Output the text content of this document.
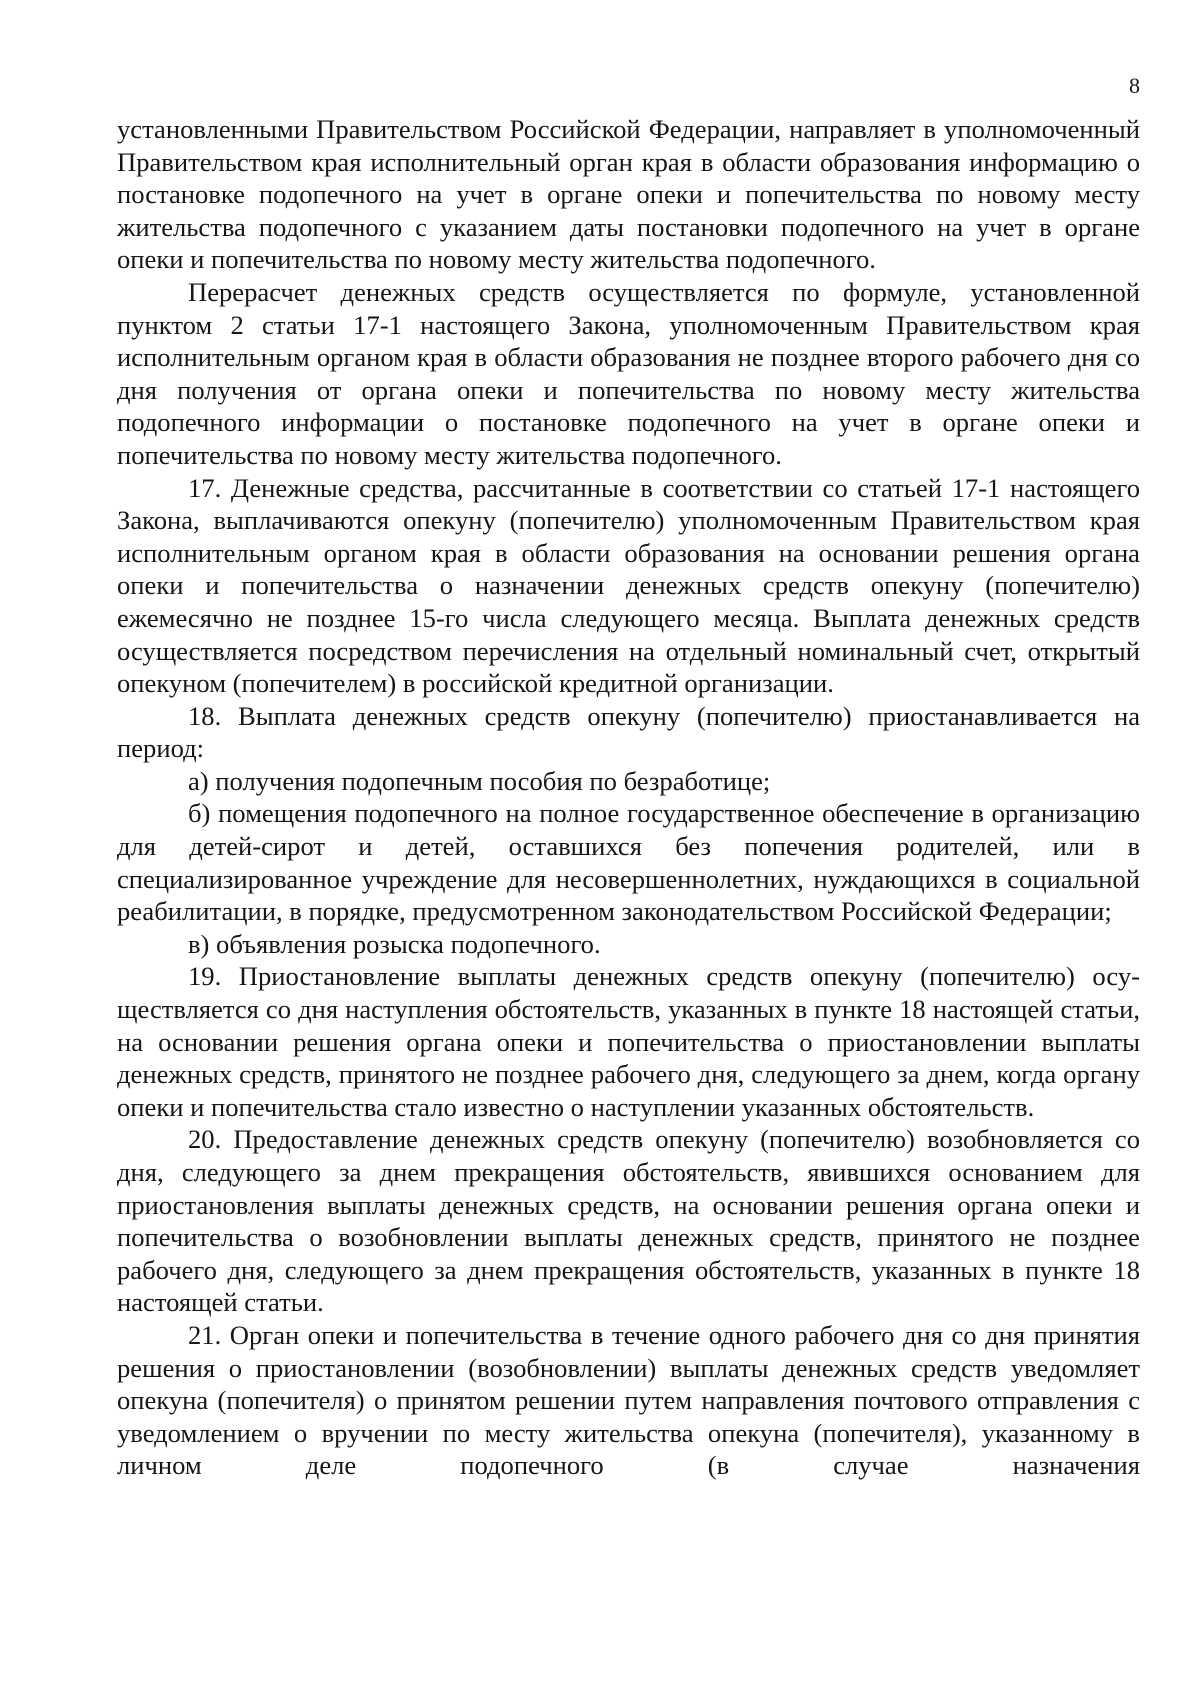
8

установленными Правительством Российской Федерации, направляет в уполномоченный Правительством края исполнительный орган края в области образования информацию о постановке подопечного на учет в органе опеки и попечительства по новому месту жительства подопечного с указанием даты постановки подопечного на учет в органе опеки и попечительства по новому месту жительства подопечного.

Перерасчет денежных средств осуществляется по формуле, установленной пунктом 2 статьи 17-1 настоящего Закона, уполномоченным Правительством края исполнительным органом края в области образования не позднее второго рабочего дня со дня получения от органа опеки и попечительства по новому месту жительства подопечного информации о постановке подопечного на учет в органе опеки и попечительства по новому месту жительства подопечного.

17. Денежные средства, рассчитанные в соответствии со статьей 17-1 настоящего Закона, выплачиваются опекуну (попечителю) уполномоченным Правительством края исполнительным органом края в области образования на основании решения органа опеки и попечительства о назначении денежных средств опекуну (попечителю) ежемесячно не позднее 15-го числа следующего месяца. Выплата денежных средств осуществляется посредством перечисления на отдельный номинальный счет, открытый опекуном (попечителем) в российской кредитной организации.

18. Выплата денежных средств опекуну (попечителю) приостанавливается на период:

а) получения подопечным пособия по безработице;

б) помещения подопечного на полное государственное обеспечение в организацию для детей-сирот и детей, оставшихся без попечения родителей, или в специализированное учреждение для несовершеннолетних, нуждающихся в социальной реабилитации, в порядке, предусмотренном законодательством Российской Федерации;

в) объявления розыска подопечного.

19. Приостановление выплаты денежных средств опекуну (попечителю) осуществляется со дня наступления обстоятельств, указанных в пункте 18 настоящей статьи, на основании решения органа опеки и попечительства о приостановлении выплаты денежных средств, принятого не позднее рабочего дня, следующего за днем, когда органу опеки и попечительства стало известно о наступлении указанных обстоятельств.

20. Предоставление денежных средств опекуну (попечителю) возобновляется со дня, следующего за днем прекращения обстоятельств, явившихся основанием для приостановления выплаты денежных средств, на основании решения органа опеки и попечительства о возобновлении выплаты денежных средств, принятого не позднее рабочего дня, следующего за днем прекращения обстоятельств, указанных в пункте 18 настоящей статьи.

21. Орган опеки и попечительства в течение одного рабочего дня со дня принятия решения о приостановлении (возобновлении) выплаты денежных средств уведомляет опекуна (попечителя) о принятом решении путем направления почтового отправления с уведомлением о вручении по месту жительства опекуна (попечителя), указанному в личном деле подопечного (в случае назначения
